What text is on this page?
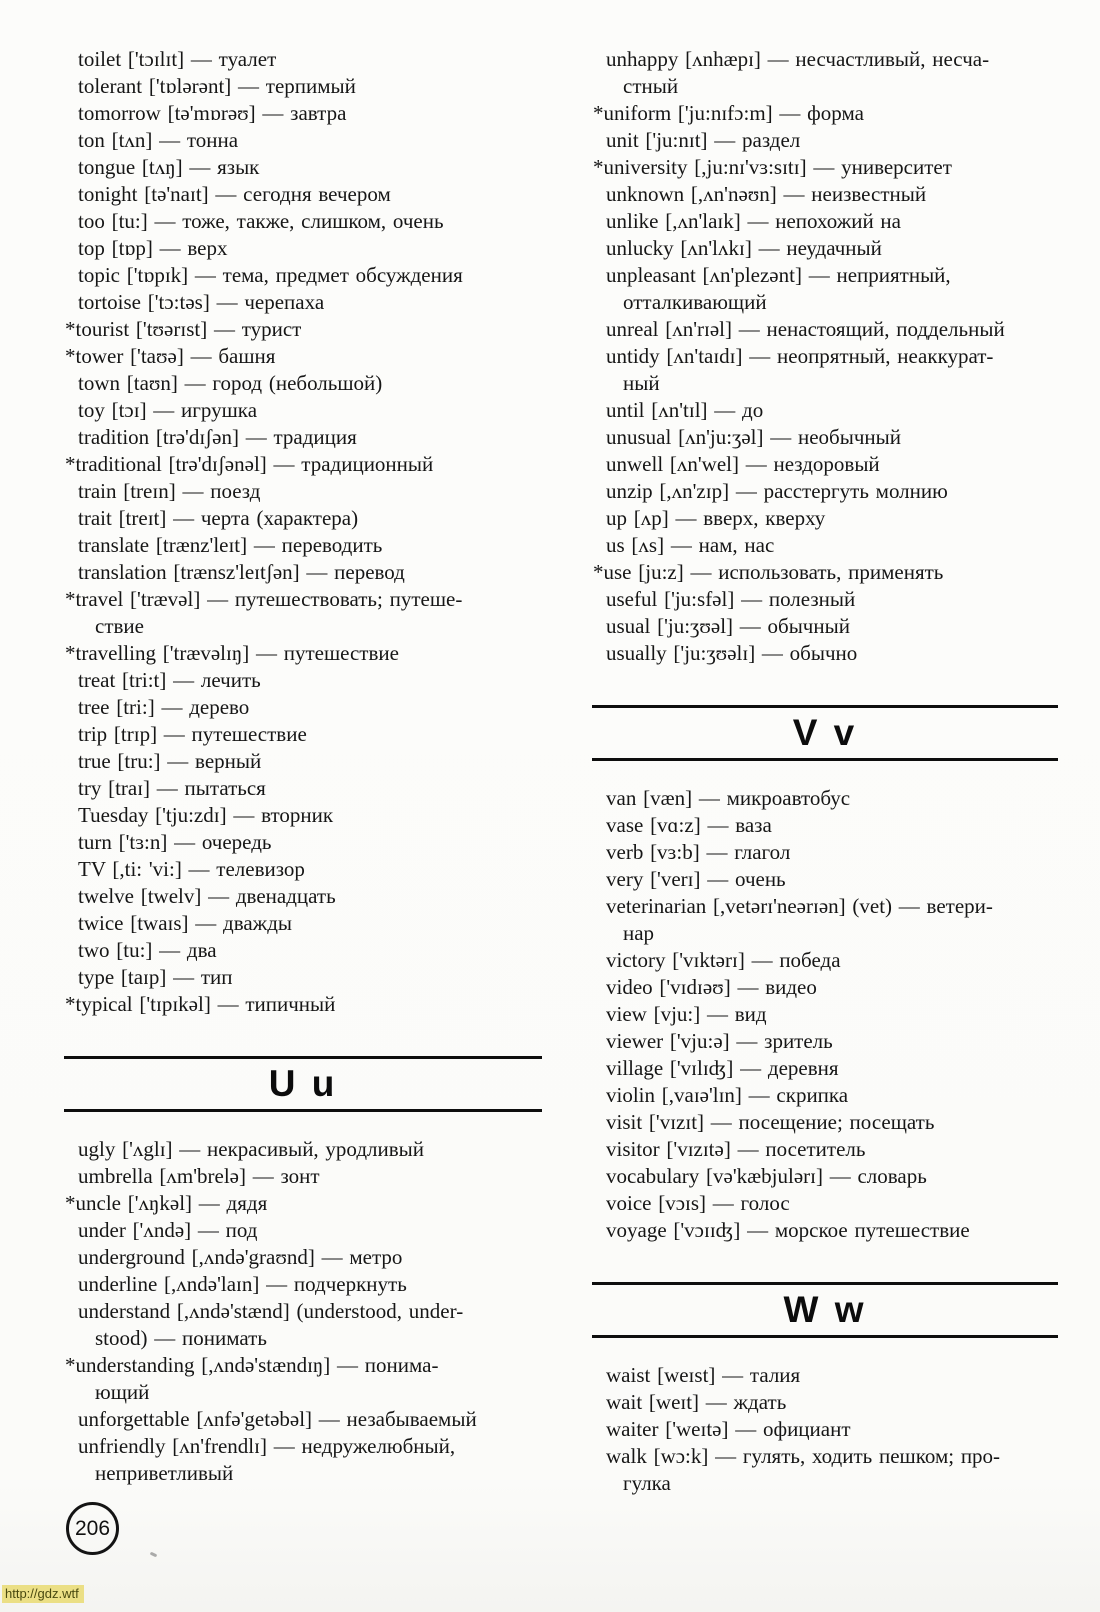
toilet ['tɔɪlɪt] — туалет
tolerant ['tɒlərənt] — терпимый
tomorrow [tə'mɒrəʊ] — завтра
ton [tʌn] — тонна
tongue [tʌŋ] — язык
tonight [tə'naɪt] — сегодня вечером
too [tu:] — тоже, также, слишком, очень
top [tɒp] — верх
topic ['tɒpɪk] — тема, предмет обсуждения
tortoise ['tɔ:təs] — черепаха
*tourist ['tʊərɪst] — турист
*tower ['taʊə] — башня
town [taʊn] — город (небольшой)
toy [tɔɪ] — игрушка
tradition [trə'dɪʃən] — традиция
*traditional [trə'dɪʃənəl] — традиционный
train [treɪn] — поезд
trait [treɪt] — черта (характера)
translate [trænz'leɪt] — переводить
translation [trænsz'leɪtʃən] — перевод
*travel ['trævəl] — путешествовать; путеше-
ствие
*travelling ['trævəlɪŋ] — путешествие
treat [tri:t] — лечить
tree [tri:] — дерево
trip [trɪp] — путешествие
true [tru:] — верный
try [traɪ] — пытаться
Tuesday ['tju:zdɪ] — вторник
turn ['tɜ:n] — очередь
TV [,ti: 'vi:] — телевизор
twelve [twelv] — двенадцать
twice [twaɪs] — дважды
two [tu:] — два
type [taɪp] — тип
*typical ['tɪpɪkəl] — типичный
U u
ugly ['ʌglɪ] — некрасивый, уродливый
umbrella [ʌm'brelə] — зонт
*uncle ['ʌŋkəl] — дядя
under ['ʌndə] — под
underground [,ʌndə'graʊnd] — метро
underline [,ʌndə'laɪn] — подчеркнуть
understand [,ʌndə'stænd] (understood, under-
stood) — понимать
*understanding [,ʌndə'stændɪŋ] — понима-
ющий
unforgettable [ʌnfə'getəbəl] — незабываемый
unfriendly [ʌn'frendlɪ] — недружелюбный,
неприветливый
unhappy [ʌnhæpɪ] — несчастливый, несча-
стный
*uniform ['ju:nɪfɔ:m] — форма
unit ['ju:nɪt] — раздел
*university [,ju:nɪ'vɜ:sɪtɪ] — университет
unknown [,ʌn'nəʊn] — неизвестный
unlike [,ʌn'laɪk] — непохожий на
unlucky [ʌn'lʌkɪ] — неудачный
unpleasant [ʌn'plezənt] — неприятный,
отталкивающий
unreal [ʌn'rɪəl] — ненастоящий, поддельный
untidy [ʌn'taɪdɪ] — неопрятный, неаккурат-
ный
until [ʌn'tɪl] — до
unusual [ʌn'ju:ʒəl] — необычный
unwell [ʌn'wel] — нездоровый
unzip [,ʌn'zɪp] — расстергуть молнию
up [ʌp] — вверх, кверху
us [ʌs] — нам, нас
*use [ju:z] — использовать, применять
useful ['ju:sfəl] — полезный
usual ['ju:ʒʊəl] — обычный
usually ['ju:ʒʊəlɪ] — обычно
V v
van [væn] — микроавтобус
vase [vɑ:z] — ваза
verb [vɜ:b] — глагол
very ['verɪ] — очень
veterinarian [,vetərɪ'neərɪən] (vet) — ветери-
нар
victory ['vɪktərɪ] — победа
video ['vɪdɪəʊ] — видео
view [vju:] — вид
viewer ['vju:ə] — зритель
village ['vɪlɪʤ] — деревня
violin [,vaɪə'lɪn] — скрипка
visit ['vɪzɪt] — посещение; посещать
visitor ['vɪzɪtə] — посетитель
vocabulary [və'kæbjulərɪ] — словарь
voice [vɔɪs] — голос
voyage ['vɔɪɪʤ] — морское путешествие
W w
waist [weɪst] — талия
wait [weɪt] — ждать
waiter ['weɪtə] — официант
walk [wɔ:k] — гулять, ходить пешком; про-
гулка
206
http://gdz.wtf
